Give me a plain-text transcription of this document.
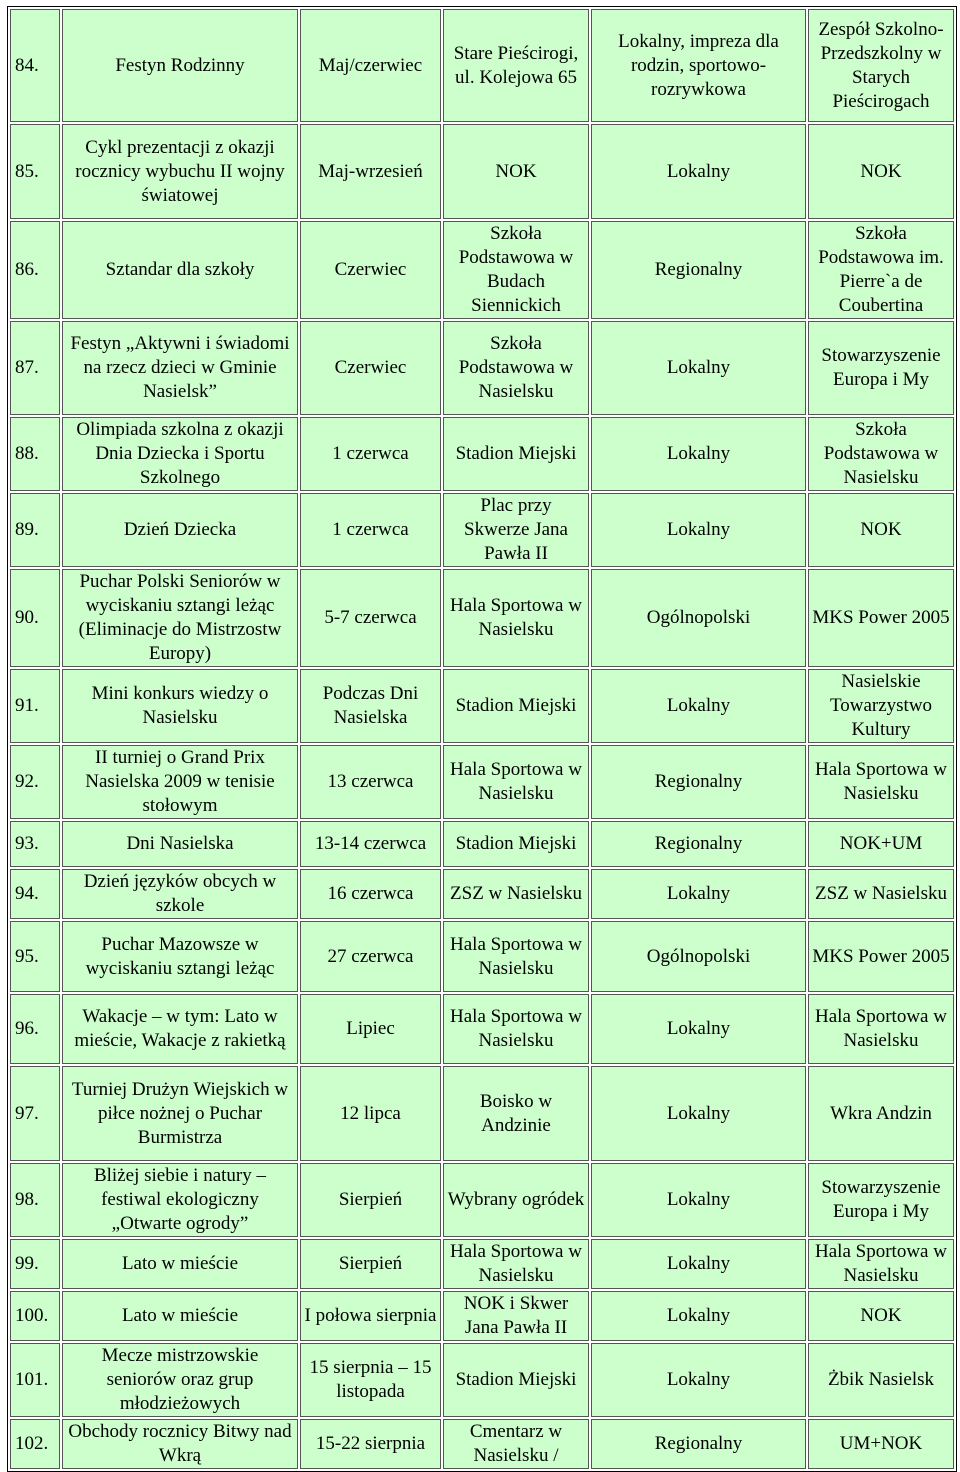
84.	Festyn Rodzinny	Maj/czerwiec	Stare Pieścirogi, ul. Kolejowa 65	Lokalny, impreza dla rodzin, sportowo-rozrywkowa	Zespół Szkolno-Przedszkolny w Starych Pieścirogach
85.	Cykl prezentacji z okazji rocznicy wybuchu II wojny światowej	Maj-wrzesień	NOK	Lokalny	NOK
86.	Sztandar dla szkoły	Czerwiec	Szkoła Podstawowa w Budach Siennickich	Regionalny	Szkoła Podstawowa im. Pierre`a de Coubertina
87.	Festyn „Aktywni i świadomi na rzecz dzieci w Gminie Nasielsk”	Czerwiec	Szkoła Podstawowa w Nasielsku	Lokalny	Stowarzyszenie Europa i My
88.	Olimpiada szkolna z okazji Dnia Dziecka i Sportu Szkolnego	1 czerwca	Stadion Miejski	Lokalny	Szkoła Podstawowa w Nasielsku
89.	Dzień Dziecka	1 czerwca	Plac przy Skwerze Jana Pawła II	Lokalny	NOK
90.	Puchar Polski Seniorów w wyciskaniu sztangi leżąc (Eliminacje do Mistrzostw Europy)	5-7 czerwca	Hala Sportowa w Nasielsku	Ogólnopolski	MKS Power 2005
91.	Mini konkurs wiedzy o Nasielsku	Podczas Dni Nasielska	Stadion Miejski	Lokalny	Nasielskie Towarzystwo Kultury
92.	II turniej o Grand Prix Nasielska 2009 w tenisie stołowym	13 czerwca	Hala Sportowa w Nasielsku	Regionalny	Hala Sportowa w Nasielsku
93.	Dni Nasielska	13-14 czerwca	Stadion Miejski	Regionalny	NOK+UM
94.	Dzień języków obcych w szkole	16 czerwca	ZSZ w Nasielsku	Lokalny	ZSZ w Nasielsku
95.	Puchar Mazowsze w wyciskaniu sztangi leżąc	27 czerwca	Hala Sportowa w Nasielsku	Ogólnopolski	MKS Power 2005
96.	Wakacje – w tym: Lato w mieście, Wakacje z rakietką	Lipiec	Hala Sportowa w Nasielsku	Lokalny	Hala Sportowa w Nasielsku
97.	Turniej Drużyn Wiejskich w piłce nożnej o Puchar Burmistrza	12 lipca	Boisko w Andzinie	Lokalny	Wkra Andzin
98.	Bliżej siebie i natury – festiwal ekologiczny „Otwarte ogrody”	Sierpień	Wybrany ogródek	Lokalny	Stowarzyszenie Europa i My
99.	Lato w mieście	Sierpień	Hala Sportowa w Nasielsku	Lokalny	Hala Sportowa w Nasielsku
100.	Lato w mieście	I połowa sierpnia	NOK i Skwer Jana Pawła II	Lokalny	NOK
101.	Mecze mistrzowskie seniorów oraz grup młodzieżowych	15 sierpnia – 15 listopada	Stadion Miejski	Lokalny	Żbik Nasielsk
102.	Obchody rocznicy Bitwy nad Wkrą	15-22 sierpnia	Cmentarz w Nasielsku /	Regionalny	UM+NOK
